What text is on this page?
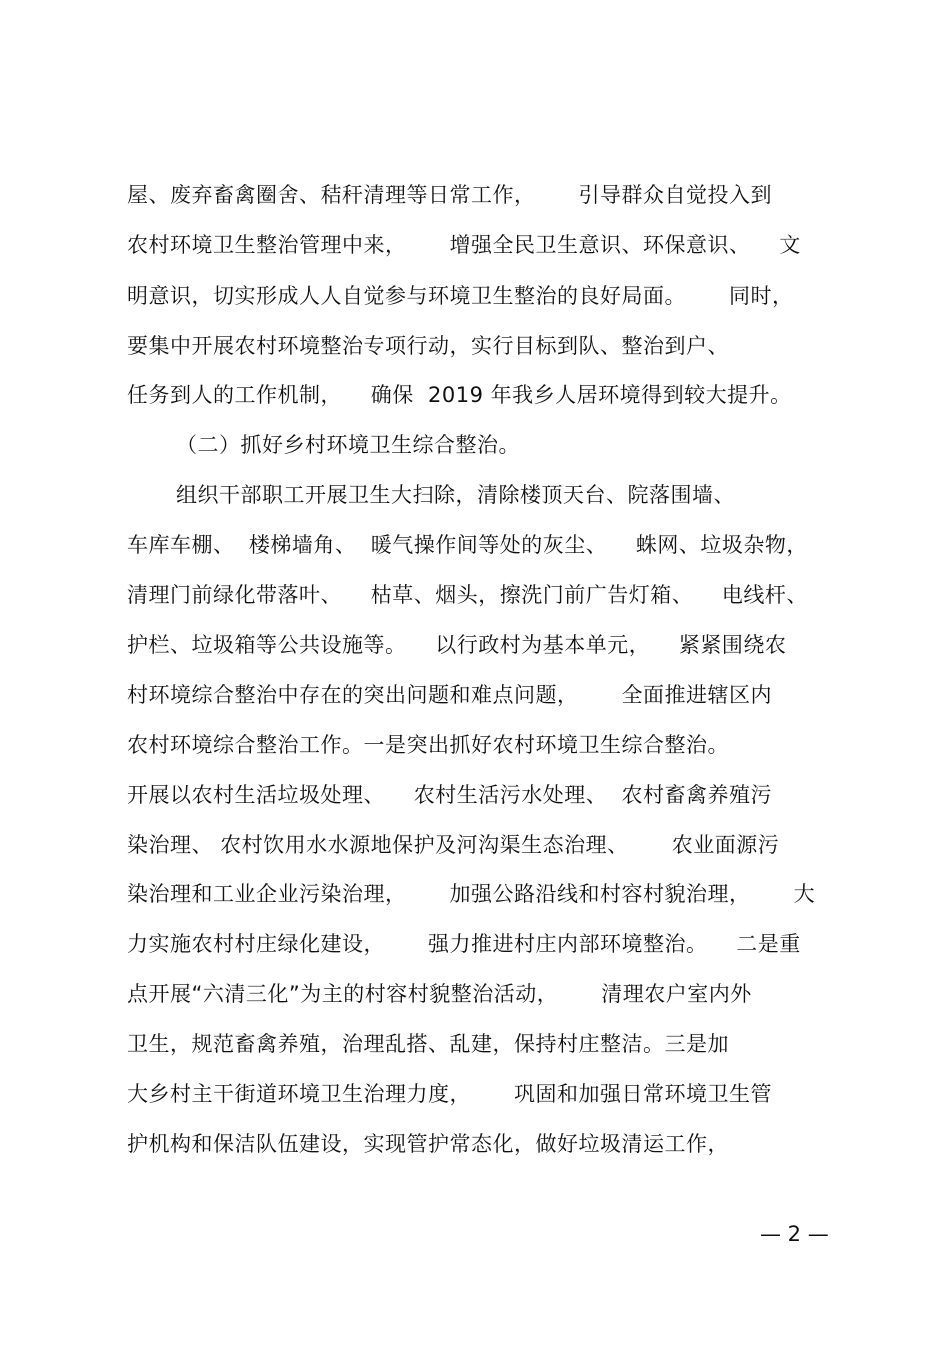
屋、废弃畜禽圈舍、秸秆清理等日常工作，      引导群众自觉投入到
农村环境卫生整治管理中来，      增强全民卫生意识、环保意识、    文
明意识，切实形成人人自觉参与环境卫生整治的良好局面。      同时，
要集中开展农村环境整治专项行动，实行目标到队、整治到户、
任务到人的工作机制，    确保  2019 年我乡人居环境得到较大提升。
（二）抓好乡村环境卫生综合整治。
组织干部职工开展卫生大扫除，清除楼顶天台、院落围墙、
车库车棚、  楼梯墙角、  暖气操作间等处的灰尘、    蛛网、垃圾杂物，
清理门前绿化带落叶、    枯草、烟头，擦洗门前广告灯箱、    电线杆、
护栏、垃圾箱等公共设施等。    以行政村为基本单元，    紧紧围绕农
村环境综合整治中存在的突出问题和难点问题，      全面推进辖区内
农村环境综合整治工作。一是突出抓好农村环境卫生综合整治。
开展以农村生活垃圾处理、    农村生活污水处理、  农村畜禽养殖污
染治理、 农村饮用水水源地保护及河沟渠生态治理、      农业面源污
染治理和工业企业污染治理，      加强公路沿线和村容村貌治理，      大
力实施农村村庄绿化建设，      强力推进村庄内部环境整治。    二是重
点开展“六清三化”为主的村容村貌整治活动，      清理农户室内外
卫生，规范畜禽养殖，治理乱搭、乱建，保持村庄整洁。三是加
大乡村主干街道环境卫生治理力度，      巩固和加强日常环境卫生管
护机构和保洁队伍建设，实现管护常态化，做好垃圾清运工作，
— 2 —
